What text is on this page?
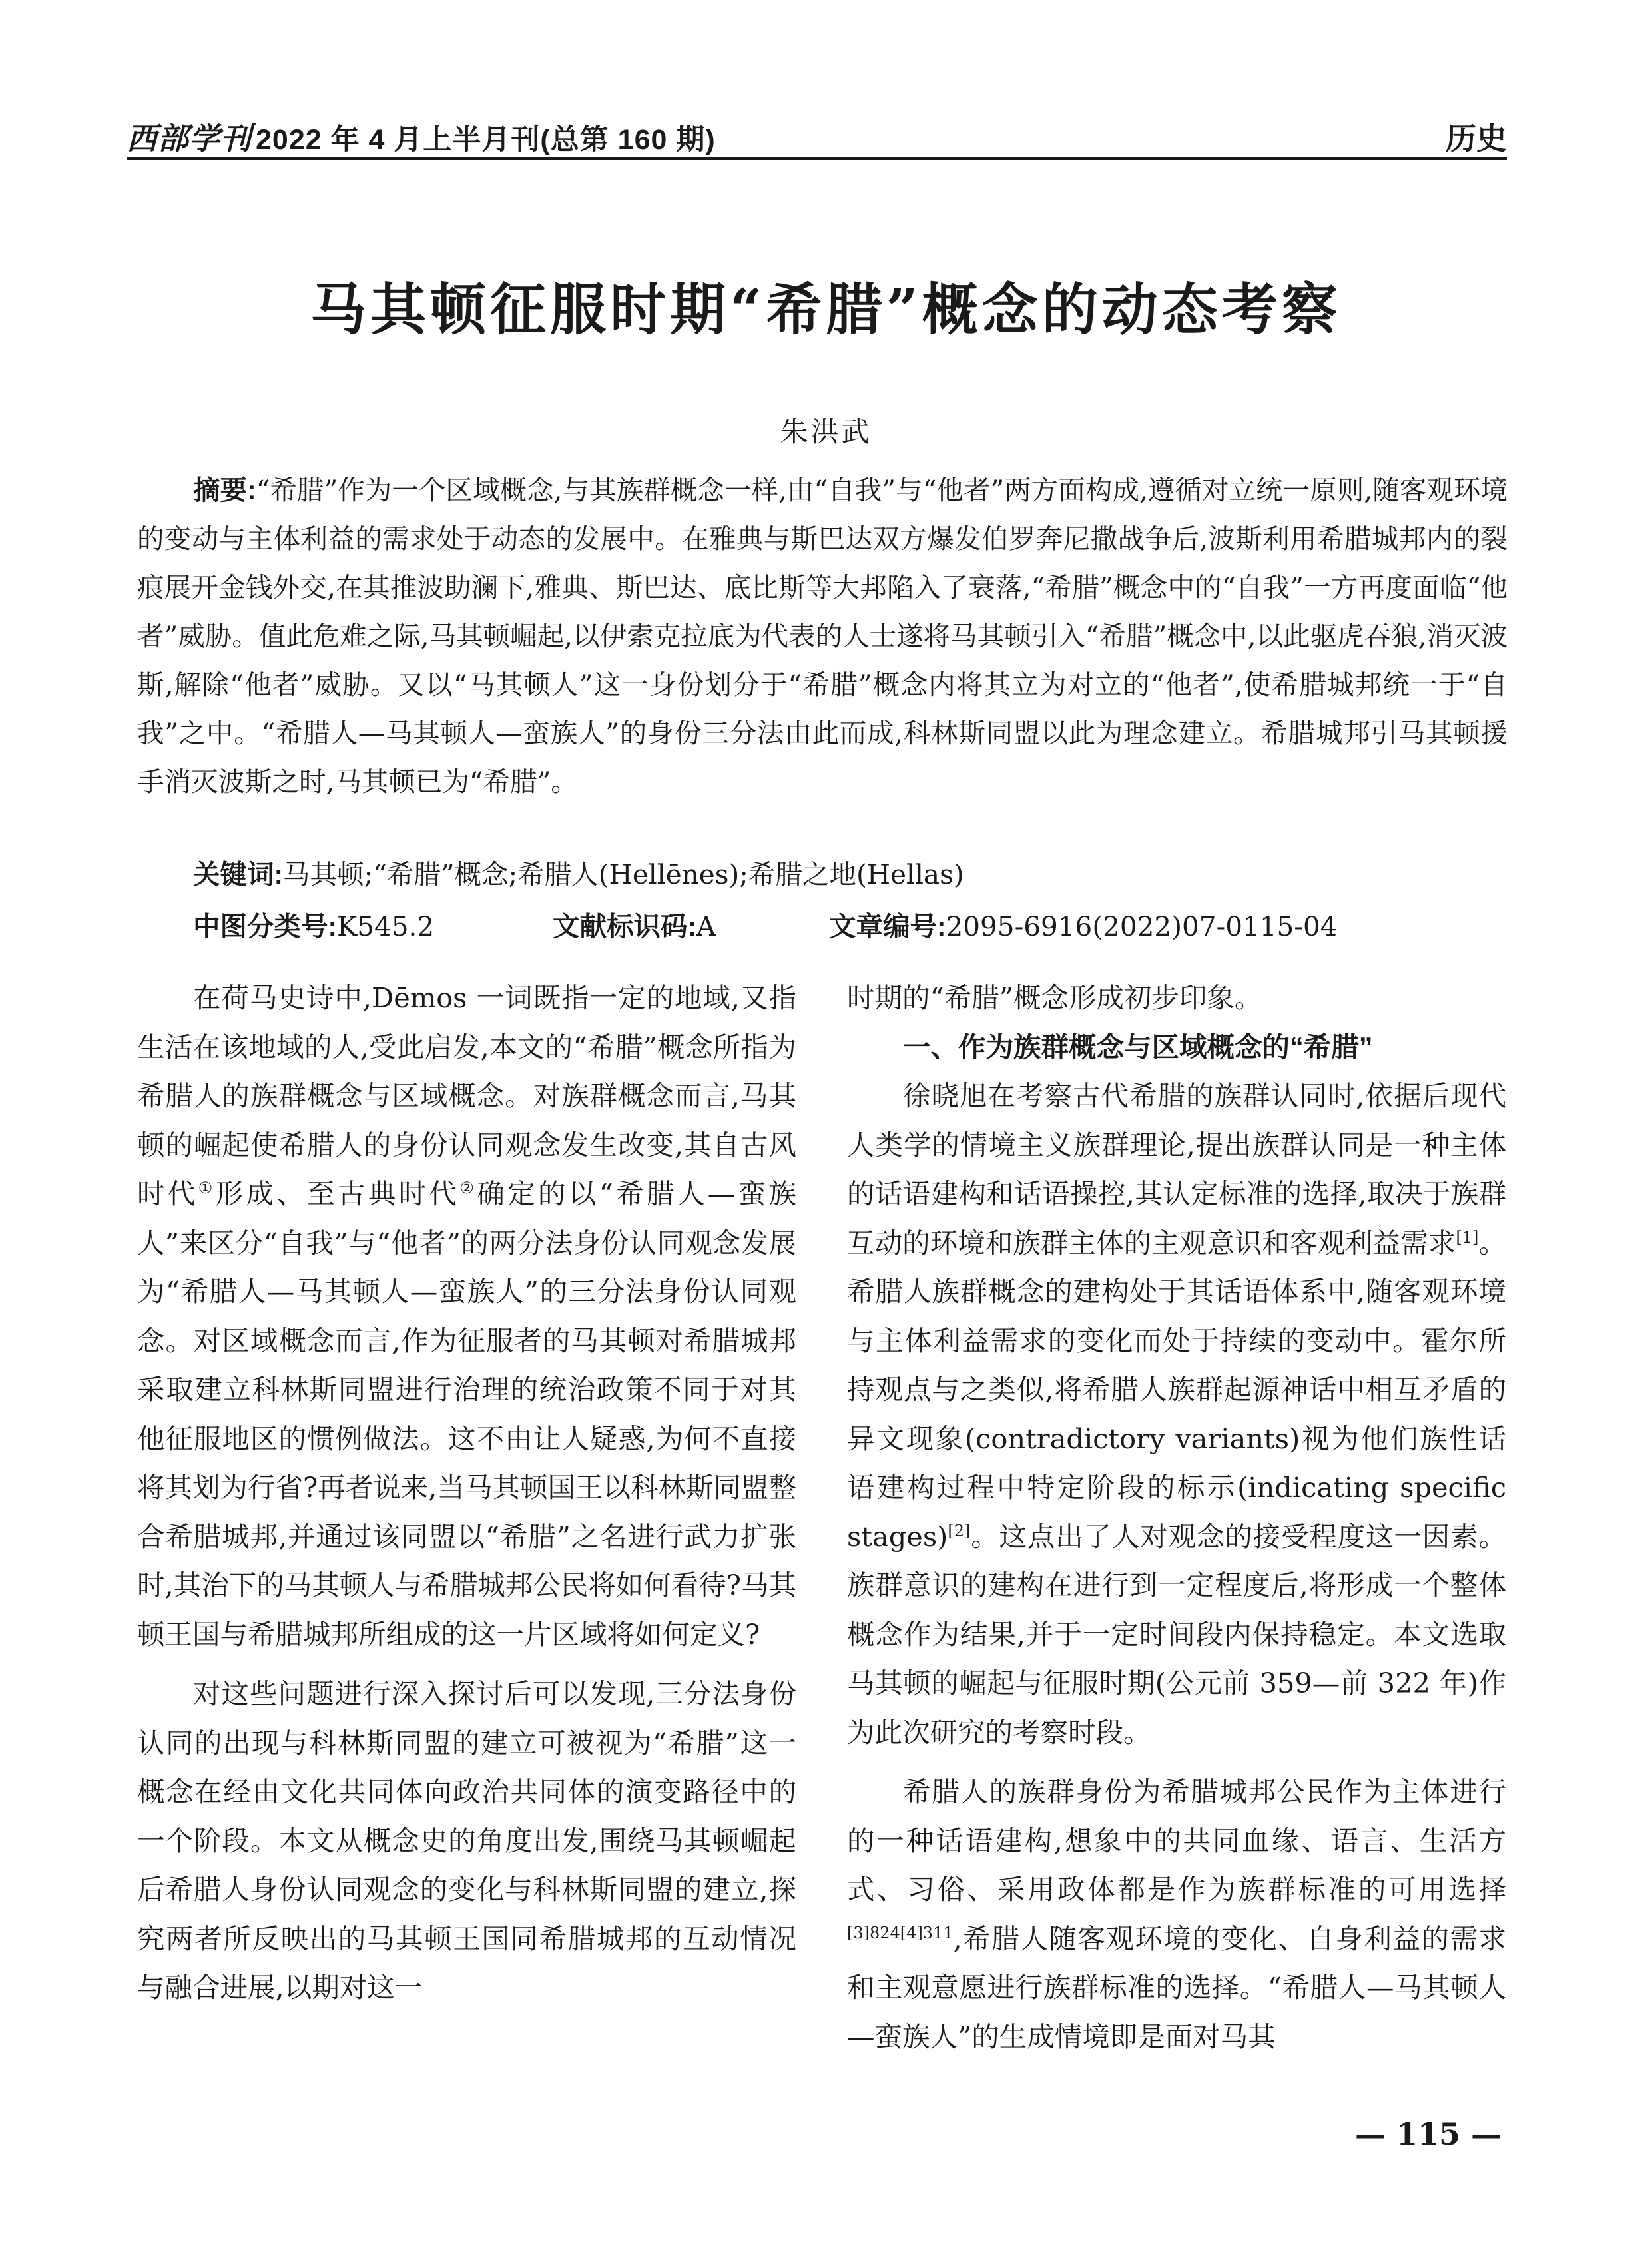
西部学刊 2022 年 4 月上半月刊(总第 160 期)	历史
马其顿征服时期“希腊”概念的动态考察
朱洪武
摘要:“希腊”作为一个区域概念,与其族群概念一样,由“自我”与“他者”两方面构成,遵循对立统一原则,随客观环境的变动与主体利益的需求处于动态的发展中。在雅典与斯巴达双方爆发伯罗奔尼撒战争后,波斯利用希腊城邦内的裂痕展开金钱外交,在其推波助澜下,雅典、斯巴达、底比斯等大邦陷入了衰落,“希腊”概念中的“自我”一方再度面临“他者”威胁。值此危难之际,马其顿崛起,以伊索克拉底为代表的人士遂将马其顿引入“希腊”概念中,以此驱虎吞狼,消灭波斯,解除“他者”威胁。又以“马其顿人”这一身份划分于“希腊”概念内将其立为对立的“他者”,使希腊城邦统一于“自我”之中。“希腊人—马其顿人—蛮族人”的身份三分法由此而成,科林斯同盟以此为理念建立。希腊城邦引马其顿援手消灭波斯之时,马其顿已为“希腊”。
关键词:马其顿;“希腊”概念;希腊人(Hellēnes);希腊之地(Hellas)
中图分类号:K545.2	文献标识码:A	文章编号:2095-6916(2022)07-0115-04

在荷马史诗中,Dēmos 一词既指一定的地域,又指生活在该地域的人,受此启发,本文的“希腊”概念所指为希腊人的族群概念与区域概念。对族群概念而言,马其顿的崛起使希腊人的身份认同观念发生改变,其自古风时代①形成、至古典时代②确定的以“希腊人—蛮族人”来区分“自我”与“他者”的两分法身份认同观念发展为“希腊人—马其顿人—蛮族人”的三分法身份认同观念。对区域概念而言,作为征服者的马其顿对希腊城邦采取建立科林斯同盟进行治理的统治政策不同于对其他征服地区的惯例做法。这不由让人疑惑,为何不直接将其划为行省?再者说来,当马其顿国王以科林斯同盟整合希腊城邦,并通过该同盟以“希腊”之名进行武力扩张时,其治下的马其顿人与希腊城邦公民将如何看待?马其顿王国与希腊城邦所组成的这一片区域将如何定义?

对这些问题进行深入探讨后可以发现,三分法身份认同的出现与科林斯同盟的建立可被视为“希腊”这一概念在经由文化共同体向政治共同体的演变路径中的一个阶段。本文从概念史的角度出发,围绕马其顿崛起后希腊人身份认同观念的变化与科林斯同盟的建立,探究两者所反映出的马其顿王国同希腊城邦的互动情况与融合进展,以期对这一

时期的“希腊”概念形成初步印象。

一、作为族群概念与区域概念的“希腊”

徐晓旭在考察古代希腊的族群认同时,依据后现代人类学的情境主义族群理论,提出族群认同是一种主体的话语建构和话语操控,其认定标准的选择,取决于族群互动的环境和族群主体的主观意识和客观利益需求[1]。希腊人族群概念的建构处于其话语体系中,随客观环境与主体利益需求的变化而处于持续的变动中。霍尔所持观点与之类似,将希腊人族群起源神话中相互矛盾的异文现象(contradictory variants)视为他们族性话语建构过程中特定阶段的标示(indicating specific stages)[2]。这点出了人对观念的接受程度这一因素。族群意识的建构在进行到一定程度后,将形成一个整体概念作为结果,并于一定时间段内保持稳定。本文选取马其顿的崛起与征服时期(公元前 359—前 322 年)作为此次研究的考察时段。

希腊人的族群身份为希腊城邦公民作为主体进行的一种话语建构,想象中的共同血缘、语言、生活方式、习俗、采用政体都是作为族群标准的可用选择$^{[3]824[4]311}$,希腊人随客观环境的变化、自身利益的需求和主观意愿进行族群标准的选择。“希腊人—马其顿人—蛮族人”的生成情境即是面对马其

— 115 —
